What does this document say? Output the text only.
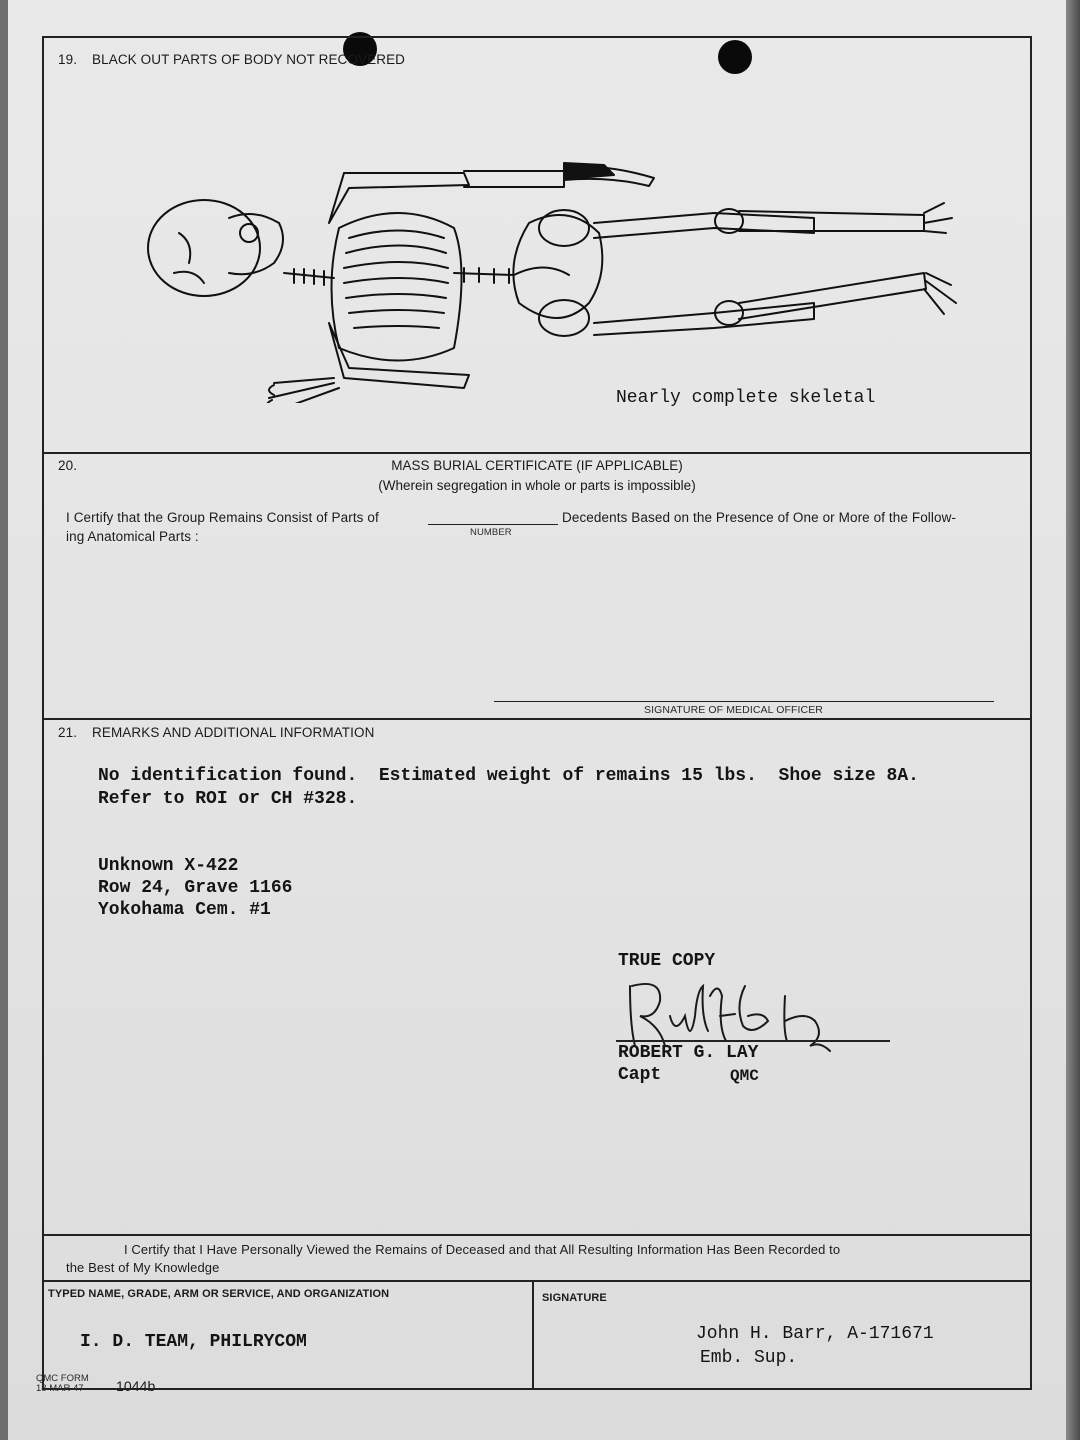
19. BLACK OUT PARTS OF BODY NOT RECOVERED
Nearly complete skeletal
20.	MASS BURIAL CERTIFICATE (IF APPLICABLE)
(Wherein segregation in whole or parts is impossible)
I Certify that the Group Remains Consist of Parts of
NUMBER
Decedents Based on the Presence of One or More of the Follow-
ing Anatomical Parts :
SIGNATURE OF MEDICAL OFFICER
21. REMARKS AND ADDITIONAL INFORMATION
No identification found.  Estimated weight of remains 15 lbs.  Shoe size 8A.
Refer to ROI or CH #328.
Unknown X-422
Row 24, Grave 1166
Yokohama Cem. #1
TRUE COPY
ROBERT G. LAY
Capt	QMC
I Certify that I Have Personally Viewed the Remains of Deceased and that All Resulting Information Has Been Recorded to
the Best of My Knowledge
TYPED NAME, GRADE, ARM OR SERVICE, AND ORGANIZATION
I. D. TEAM, PHILRYCOM
SIGNATURE
John H. Barr, A-171671
Emb. Sup.
QMC FORM
18 MAR 47 1044b
